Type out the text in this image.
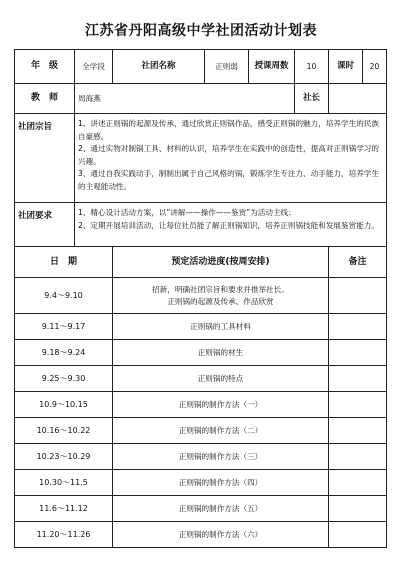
江苏省丹阳高级中学社团活动计划表
年　级	全学段	社团名称	正则弱	授课周数	10	课时	20
教　师	周海燕				社长		
社团宗旨	1、讲述正则锅的起源及传承，通过欣赏正则锅作品，感受正则锅的魅力，培养学生的民族自豪感。
2、通过实物对制锅工具、材料的认识，培养学生在实践中的创造性，提高对正则锅学习的兴趣。
3、通过自我实践动手，制制出属于自己风格的锅，锻炼学生专注力、动手能力，培养学生的主观能动性。						

社团要求	1、精心设计活动方案，以“讲解——操作——鉴赏”为活动主线；
2、定期开展培训活动，让每位社员能了解正则锅知识，培养正则锅技能和发展鉴赏能力。						

日　期		预定活动进度(按周安排)				备注	
9.4～9.10		招新，明确社团宗旨和要求并推举社长。
正则锅的起源及传承、作品欣赏					

9.11～9.17		正则锅的工具材料					
9.18～9.24		正则锅的材生					
9.25～9.30		正则锅的特点					
10.9～10.15		正则锅的制作方法（一）					
10.16～10.22		正则锅的制作方法（二）					
10.23～10.29		正则锅的制作方法（三）					
10.30～11.5		正则锅的制作方法（四）					
11.6～11.12		正则锅的制作方法（五）					
11.20～11.26		正则锅的制作方法（六）					
